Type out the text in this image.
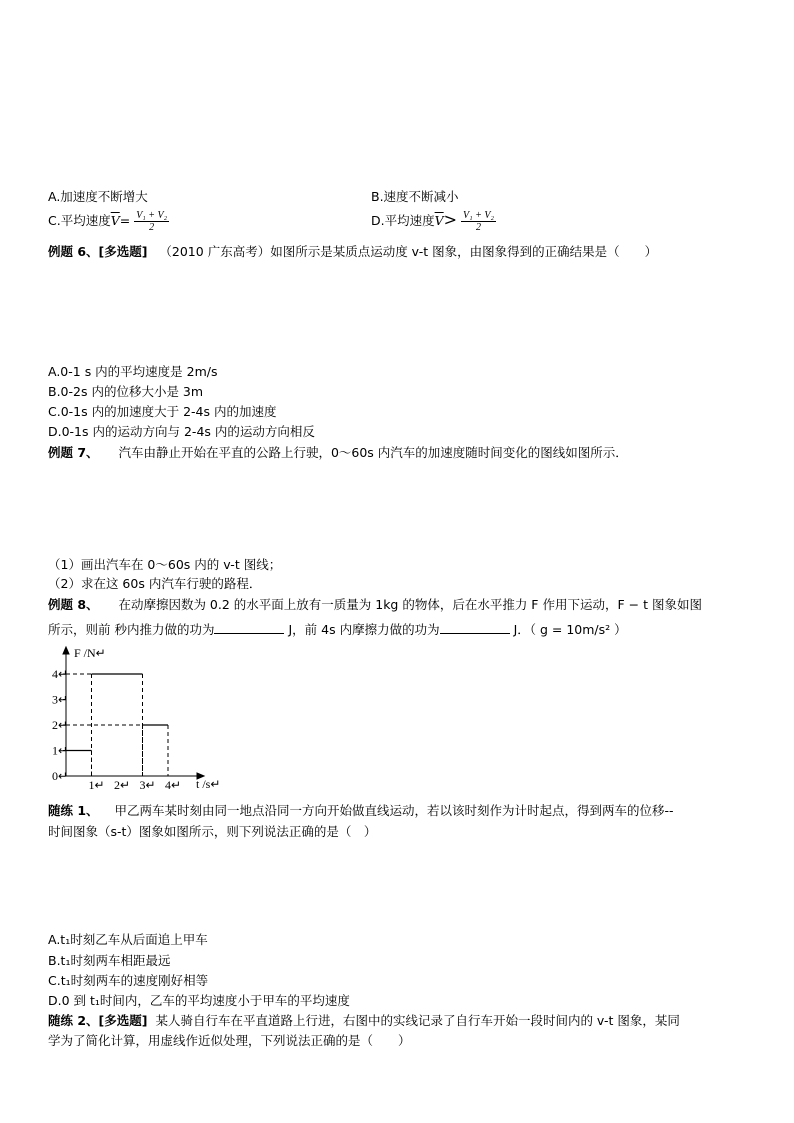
A.加速度不断增大	B.速度不断减小
C.平均速度$\overline{V}= \frac{\text{V₁ + V₂}}{2}$	D.平均速度$\overline{V}> \frac{\text{V₁ + V₂}}{2}$
例题 6、[多选题] （2010 广东高考）如图所示是某质点运动度 v-t 图象，由图象得到的正确结果是（　　）
A.0-1 s 内的平均速度是 2m/s
B.0-2s 内的位移大小是 3m
C.0-1s 内的加速度大于 2-4s 内的加速度
D.0-1s 内的运动方向与 2-4s 内的运动方向相反
例题 7、 汽车由静止开始在平直的公路上行驶，0～60s 内汽车的加速度随时间变化的图线如图所示．
（1）画出汽车在 0～60s 内的 v-t 图线；
（2）求在这 60s 内汽车行驶的路程．
例题 8、 在动摩擦因数为 0.2 的水平面上放有一质量为 1kg 的物体，后在水平推力 F 作用下运动，F − t 图象如图
所示，则前 秒内推力做的功为	J，前 4s 内摩擦力做的功为	J．（ g = 10m/s² ）
4↵
3↵
2↵
1↵
0↵
1↵ 2↵ 3↵ 4↵
F /N↵
t /s↵
随练 1、 甲乙两车某时刻由同一地点沿同一方向开始做直线运动，若以该时刻作为计时起点，得到两车的位移--
时间图象（s-t）图象如图所示，则下列说法正确的是（　）
A.t₁时刻乙车从后面追上甲车
B.t₁时刻两车相距最远
C.t₁时刻两车的速度刚好相等
D.0 到 t₁时间内，乙车的平均速度小于甲车的平均速度
随练 2、[多选题] 某人骑自行车在平直道路上行进，右图中的实线记录了自行车开始一段时间内的 v-t 图象，某同
学为了简化计算，用虚线作近似处理，下列说法正确的是（　　）
